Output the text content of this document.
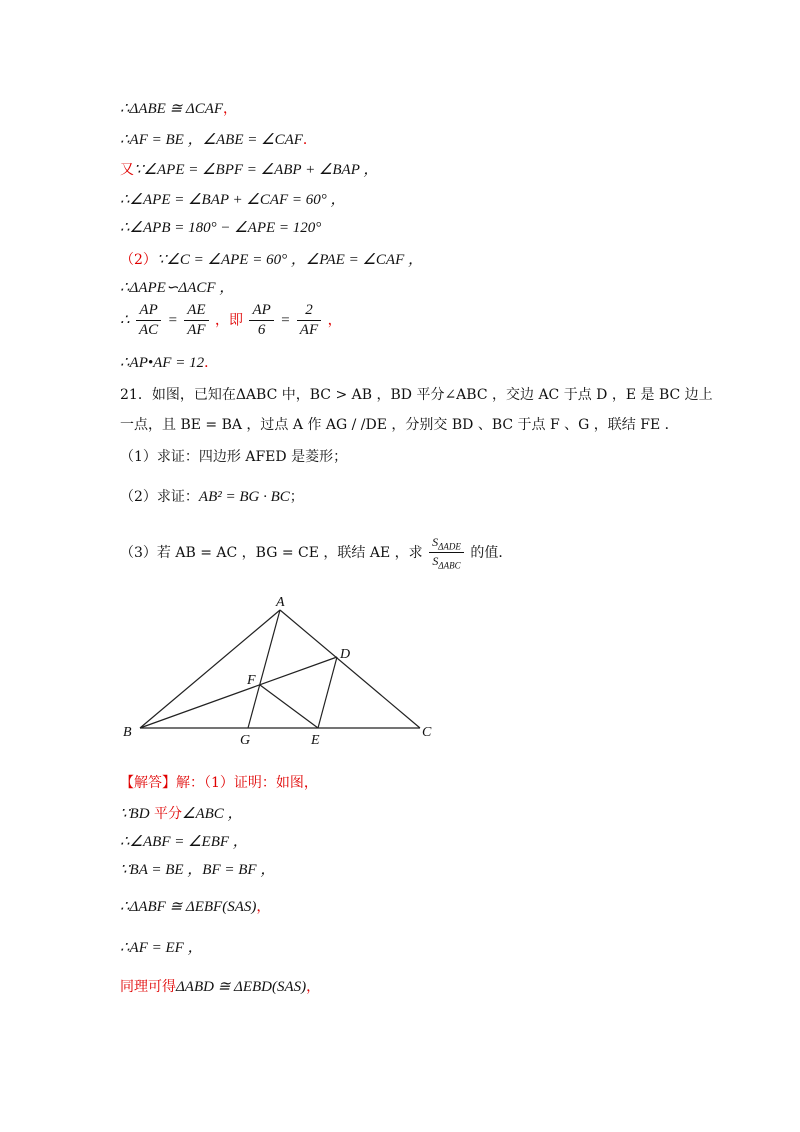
∴ΔABE ≅ ΔCAF，
∴AF = BE ，∠ABE = ∠CAF．
又∵∠APE = ∠BPF = ∠ABP + ∠BAP ，
∴∠APE = ∠BAP + ∠CAF = 60° ，
∴∠APB = 180° − ∠APE = 120°
（2）∵∠C = ∠APE = 60° ，∠PAE = ∠CAF ，
∴ΔAPE∽ΔACF ，
∴ $\frac{AP}{AC} = \frac{AE}{AF}$ ，即 $\frac{AP}{6} = \frac{2}{AF}$ ，
∴AP•AF = 12．
21．如图，已知在ΔABC 中，BC > AB ，BD 平分∠ABC ，交边 AC 于点 D ，E 是 BC 边上
一点，且 BE = BA ，过点 A 作 AG / /DE ，分别交 BD 、BC 于点 F 、G ，联结 FE ．
（1）求证：四边形 AFED 是菱形；
（2）求证：AB² = BG · BC；
（3）若 AB = AC ，BG = CE ，联结 AE ，求 $\frac{S_{\Delta ADE}}{S_{\Delta ABC}}$ 的值．
A
B	C
D
E
F
G
【解答】解：（1）证明：如图，
∵BD 平分∠ABC ，
∴∠ABF = ∠EBF ，
∵BA = BE ，BF = BF ，
∴ΔABF ≅ ΔEBF(SAS)，
∴AF = EF ，
同理可得ΔABD ≅ ΔEBD(SAS)，
